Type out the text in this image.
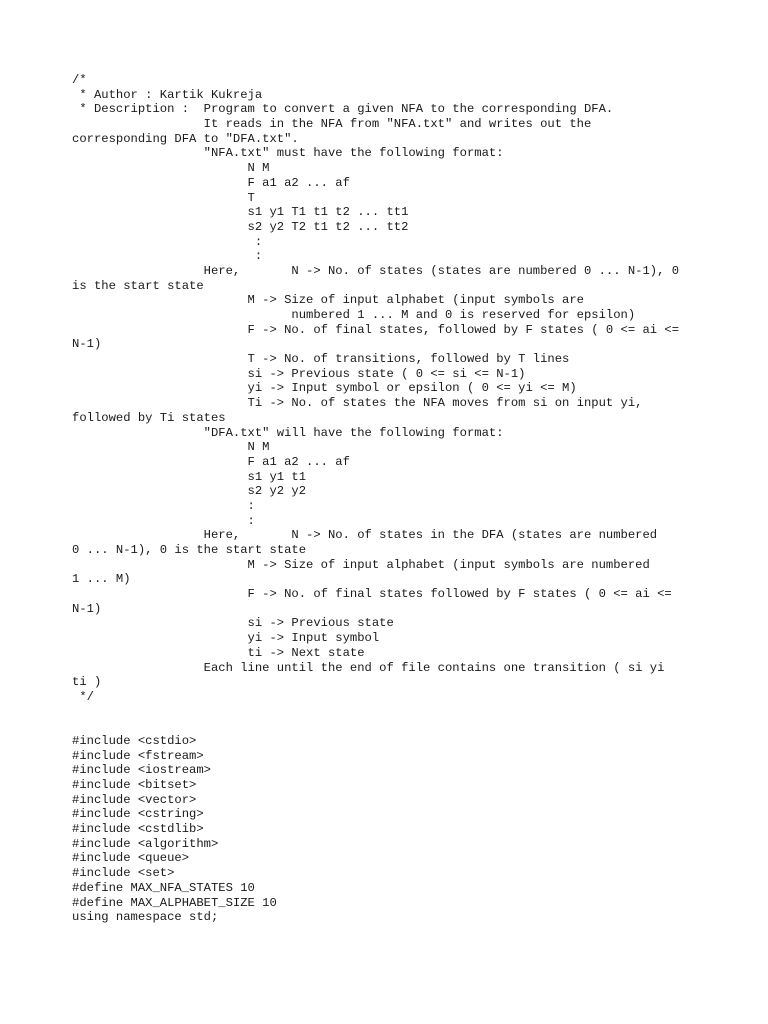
/*
* Author : Kartik Kukreja
* Description :  Program to convert a given NFA to the corresponding DFA.
It reads in the NFA from "NFA.txt" and writes out the
corresponding DFA to "DFA.txt".
"NFA.txt" must have the following format:
N M
F a1 a2 ... af
T
s1 y1 T1 t1 t2 ... tt1
s2 y2 T2 t1 t2 ... tt2
:
:
Here,       N -> No. of states (states are numbered 0 ... N-1), 0
is the start state
M -> Size of input alphabet (input symbols are
numbered 1 ... M and 0 is reserved for epsilon)
F -> No. of final states, followed by F states ( 0 <= ai <=
N-1)
T -> No. of transitions, followed by T lines
si -> Previous state ( 0 <= si <= N-1)
yi -> Input symbol or epsilon ( 0 <= yi <= M)
Ti -> No. of states the NFA moves from si on input yi,
followed by Ti states
"DFA.txt" will have the following format:
N M
F a1 a2 ... af
s1 y1 t1
s2 y2 y2
:
:
Here,       N -> No. of states in the DFA (states are numbered
0 ... N-1), 0 is the start state
M -> Size of input alphabet (input symbols are numbered
1 ... M)
F -> No. of final states followed by F states ( 0 <= ai <=
N-1)
si -> Previous state
yi -> Input symbol
ti -> Next state
Each line until the end of file contains one transition ( si yi
ti )
*/
#include <cstdio>
#include <fstream>
#include <iostream>
#include <bitset>
#include <vector>
#include <cstring>
#include <cstdlib>
#include <algorithm>
#include <queue>
#include <set>
#define MAX_NFA_STATES 10
#define MAX_ALPHABET_SIZE 10
using namespace std;
